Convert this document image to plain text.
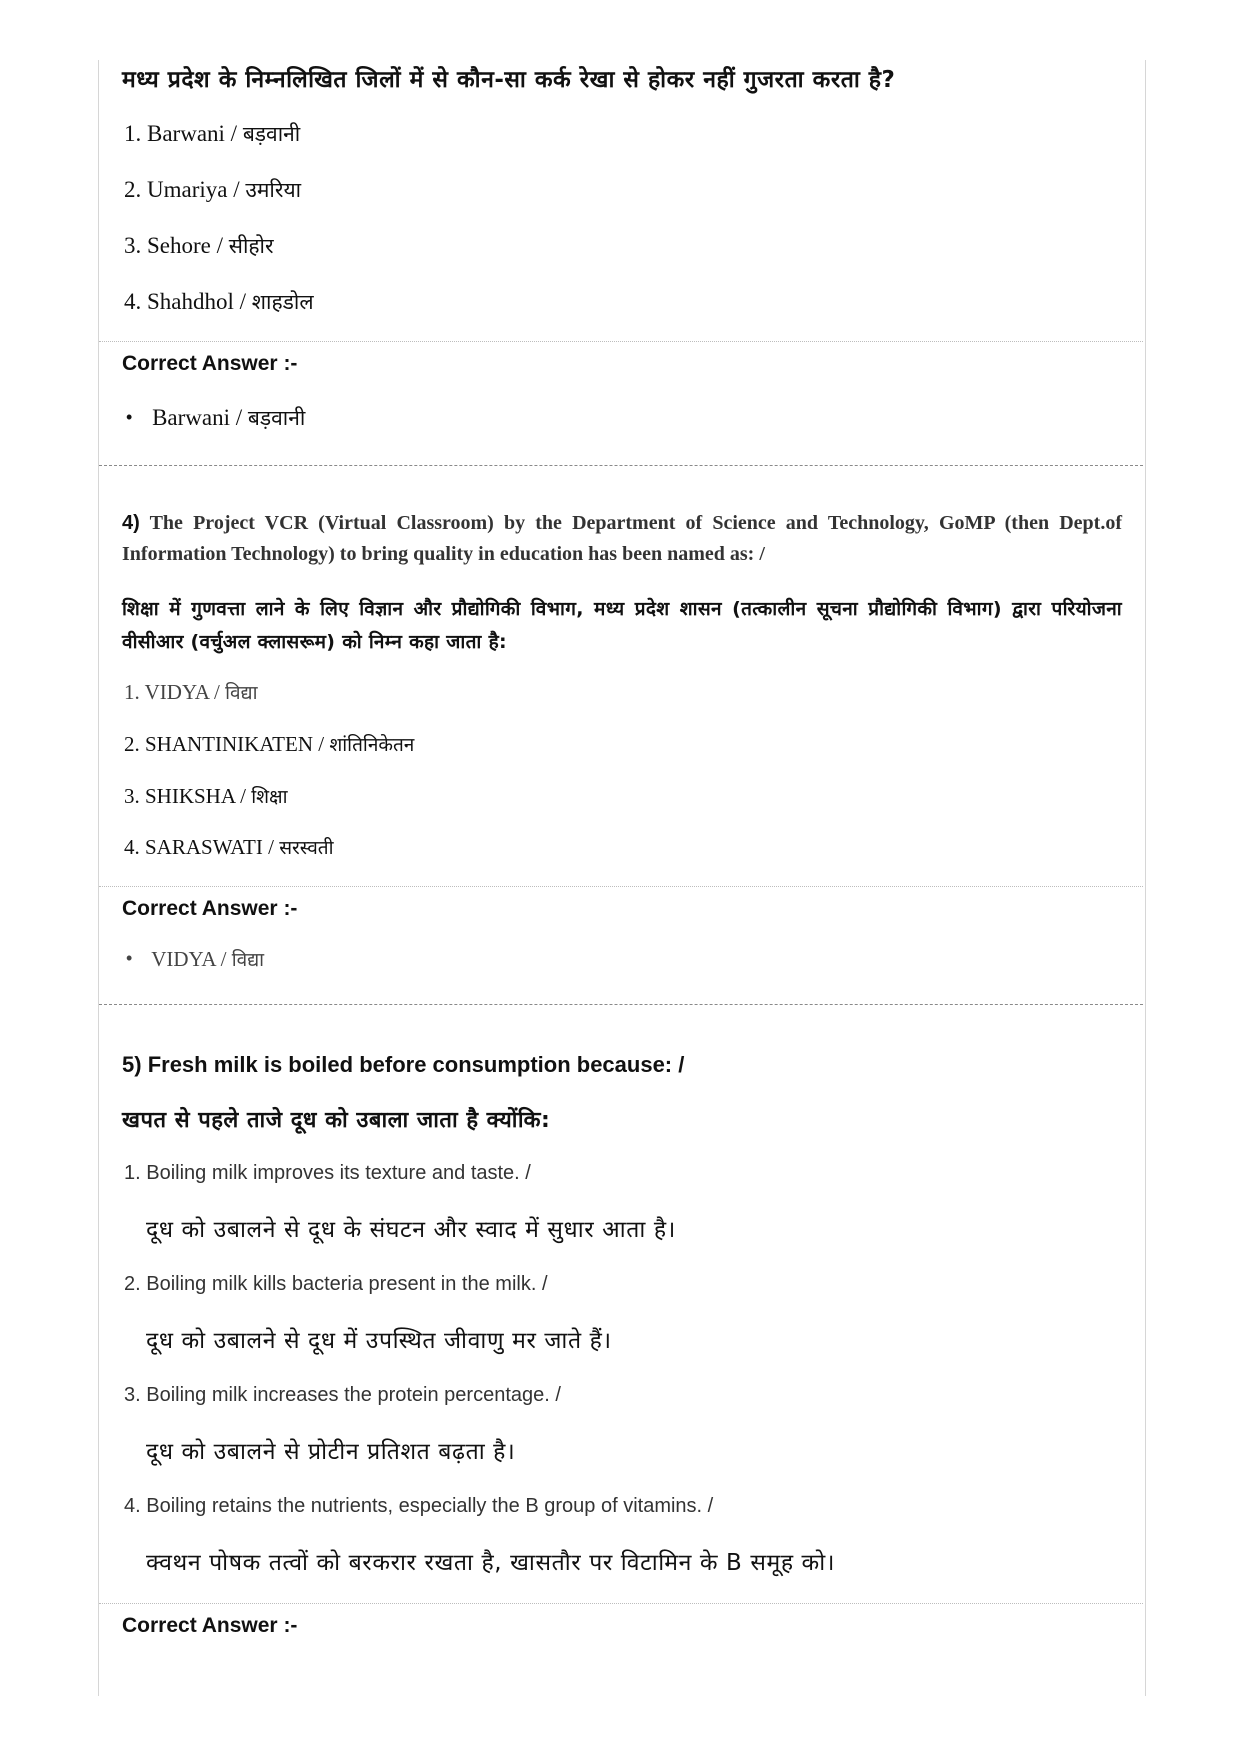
मध्य प्रदेश के निम्नलिखित जिलों में से कौन-सा कर्क रेखा से होकर नहीं गुजरता करता है?
1. Barwani / बड़वानी
2. Umariya / उमरिया
3. Sehore / सीहोर
4. Shahdhol / शाहडोल
Correct Answer :-
• Barwani / बड़वानी
4) The Project VCR (Virtual Classroom) by the Department of Science and Technology, GoMP (then Dept.of Information Technology) to bring quality in education has been named as: /
शिक्षा में गुणवत्ता लाने के लिए विज्ञान और प्रौद्योगिकी विभाग, मध्य प्रदेश शासन (तत्कालीन सूचना प्रौद्योगिकी विभाग) द्वारा परियोजना वीसीआर (वर्चुअल क्लासरूम) को निम्न कहा जाता है:
1. VIDYA / विद्या
2. SHANTINIKATEN / शांतिनिकेतन
3. SHIKSHA / शिक्षा
4. SARASWATI / सरस्वती
Correct Answer :-
• VIDYA / विद्या
5) Fresh milk is boiled before consumption because: /
खपत से पहले ताजे दूध को उबाला जाता है क्योंकि:
1. Boiling milk improves its texture and taste. /
दूध को उबालने से दूध के संघटन और स्वाद में सुधार आता है।
2. Boiling milk kills bacteria present in the milk. /
दूध को उबालने से दूध में उपस्थित जीवाणु मर जाते हैं।
3. Boiling milk increases the protein percentage. /
दूध को उबालने से प्रोटीन प्रतिशत बढ़ता है।
4. Boiling retains the nutrients, especially the B group of vitamins. /
क्वथन पोषक तत्वों को बरकरार रखता है, खासतौर पर विटामिन के B समूह को।
Correct Answer :-
